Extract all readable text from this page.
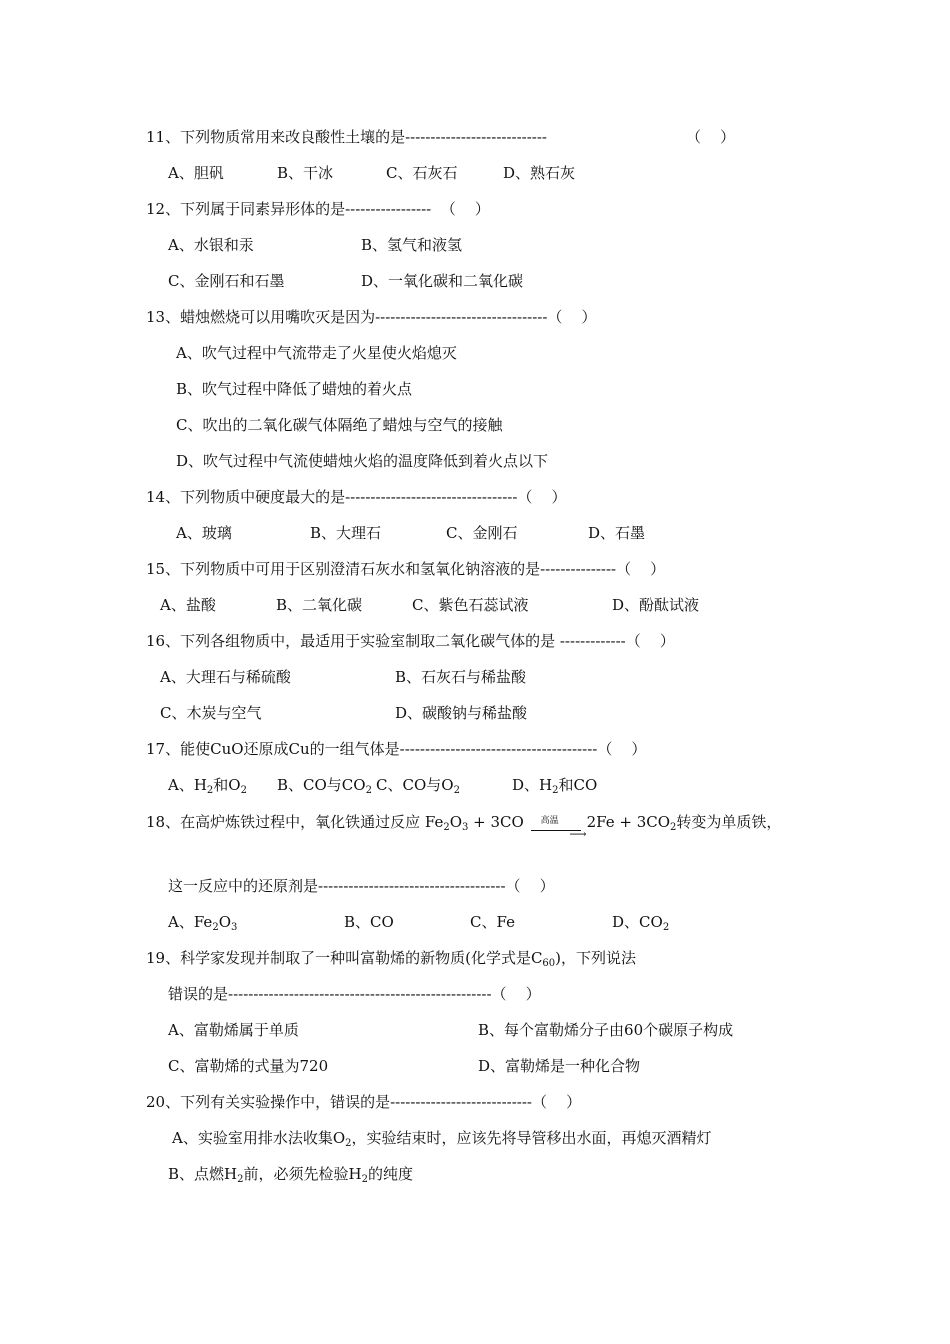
11、下列物质常用来改良酸性土壤的是----------------------------	（    ）
A、胆矾	B、干冰	C、石灰石	D、熟石灰
12、下列属于同素异形体的是-----------------  （    ）
A、水银和汞	B、氢气和液氢
C、金刚石和石墨	D、一氧化碳和二氧化碳
13、蜡烛燃烧可以用嘴吹灭是因为----------------------------------（    ）
A、吹气过程中气流带走了火星使火焰熄灭
B、吹气过程中降低了蜡烛的着火点
C、吹出的二氧化碳气体隔绝了蜡烛与空气的接触
D、吹气过程中气流使蜡烛火焰的温度降低到着火点以下
14、下列物质中硬度最大的是----------------------------------（    ）
A、玻璃	B、大理石	C、金刚石	D、石墨
15、下列物质中可用于区别澄清石灰水和氢氧化钠溶液的是---------------（    ）
A、盐酸	B、二氧化碳	C、紫色石蕊试液	D、酚酞试液
16、下列各组物质中，最适用于实验室制取二氧化碳气体的是 -------------（    ）
A、大理石与稀硫酸	B、石灰石与稀盐酸
C、木炭与空气	D、碳酸钠与稀盐酸
17、能使CuO还原成Cu的一组气体是---------------------------------------（    ）
A、$H_2$和$O_2$ B、CO与$CO_2$ C、CO与$O_2$	D、$H_2$和CO
18、在高炉炼铁过程中，氧化铁通过反应 $Fe_2O_3 + 3CO$ 高温
⟶
$2Fe + 3CO_2$转变为单质铁，
这一反应中的还原剂是-------------------------------------（    ）
A、$Fe_2O_3$	B、CO	C、Fe	D、$CO_2$
19、科学家发现并制取了一种叫富勒烯的新物质(化学式是$C_{60}$)，下列说法
错误的是----------------------------------------------------（    ）
A、富勒烯属于单质	B、每个富勒烯分子由60个碳原子构成
C、富勒烯的式量为720	D、富勒烯是一种化合物
20、下列有关实验操作中，错误的是----------------------------（    ）
A、实验室用排水法收集$O_2$，实验结束时，应该先将导管移出水面，再熄灭酒精灯
B、点燃$H_2$前，必须先检验$H_2$的纯度
